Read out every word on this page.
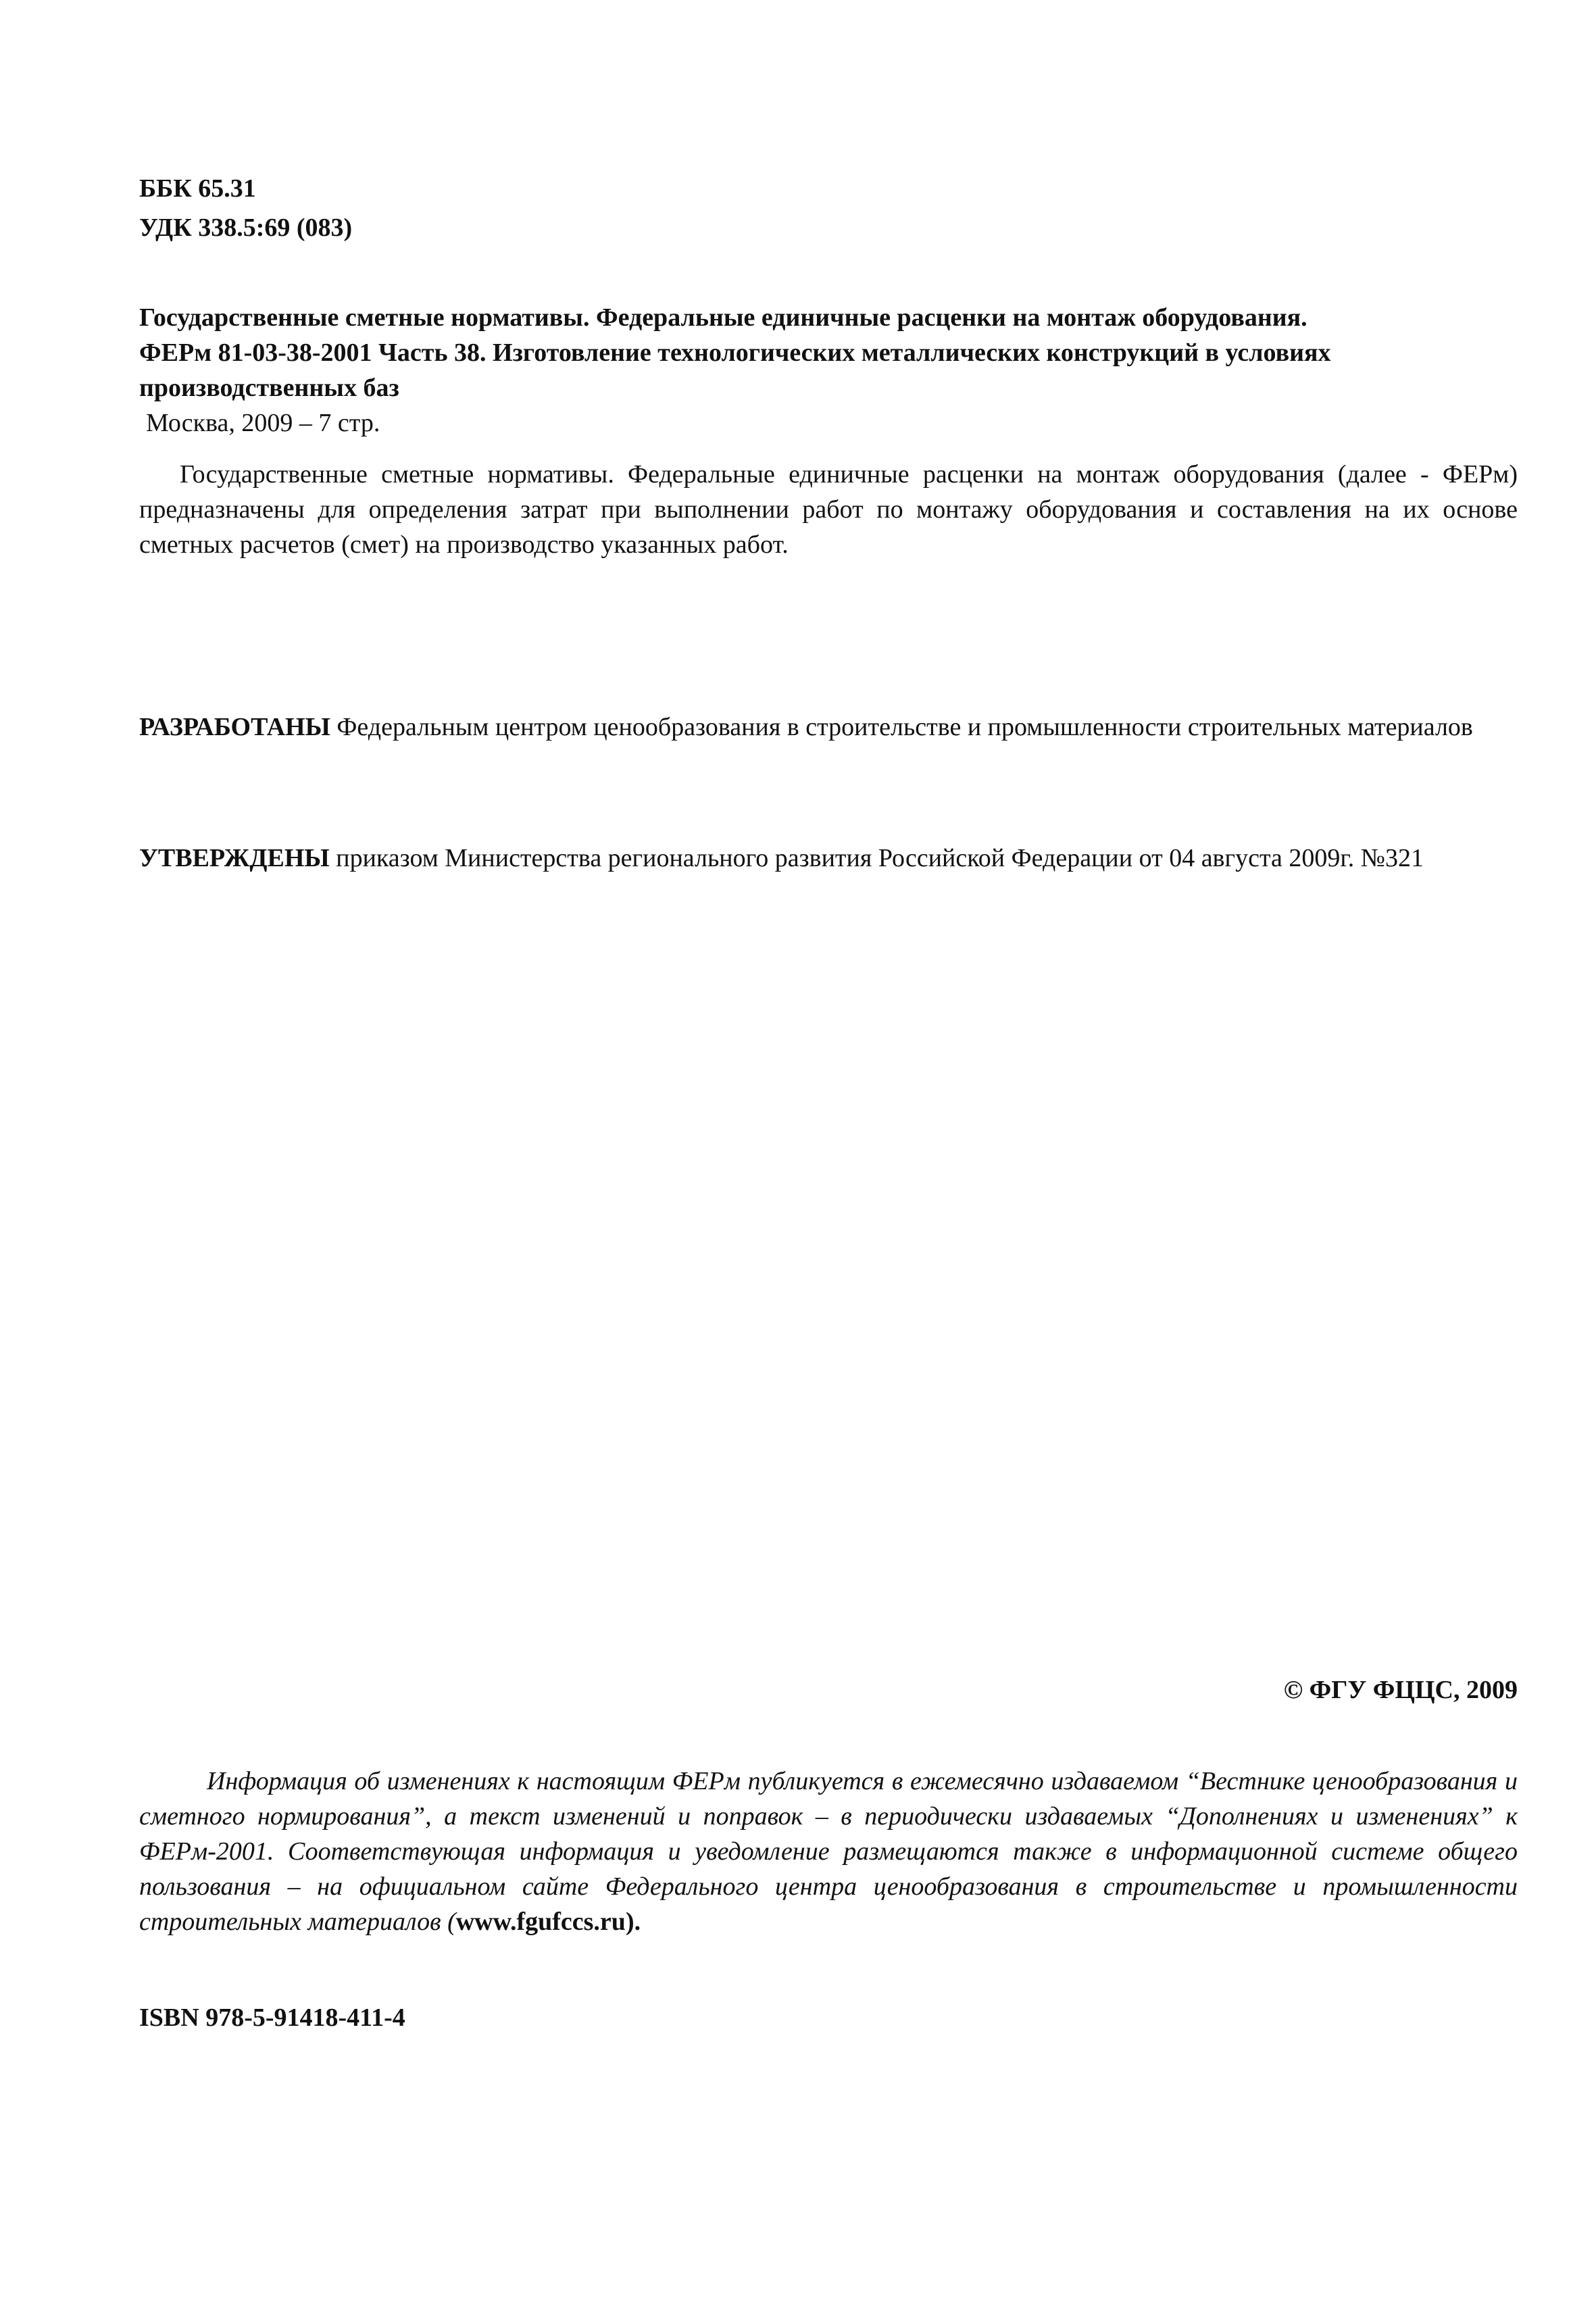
ББК 65.31
УДК 338.5:69 (083)
Государственные сметные нормативы. Федеральные единичные расценки на монтаж оборудования.
ФЕРм 81-03-38-2001 Часть 38. Изготовление технологических металлических конструкций в условиях производственных баз
Москва, 2009 – 7 стр.
Государственные сметные нормативы. Федеральные единичные расценки на монтаж оборудования (далее - ФЕРм) предназначены для определения затрат при выполнении работ по монтажу оборудования и составления на их основе сметных расчетов (смет) на производство указанных работ.
РАЗРАБОТАНЫ Федеральным центром ценообразования в строительстве и промышленности строительных материалов
УТВЕРЖДЕНЫ приказом Министерства регионального развития Российской Федерации от 04 августа 2009г. №321
© ФГУ ФЦЦС, 2009
Информация об изменениях к настоящим ФЕРм публикуется в ежемесячно издаваемом “Вестнике ценообразования и сметного нормирования”, а текст изменений и поправок – в периодически издаваемых “Дополнениях и изменениях” к ФЕРм-2001. Соответствующая информация и уведомление размещаются также в информационной системе общего пользования – на официальном сайте Федерального центра ценообразования в строительстве и промышленности строительных материалов (www.fgufccs.ru).
ISBN 978-5-91418-411-4
